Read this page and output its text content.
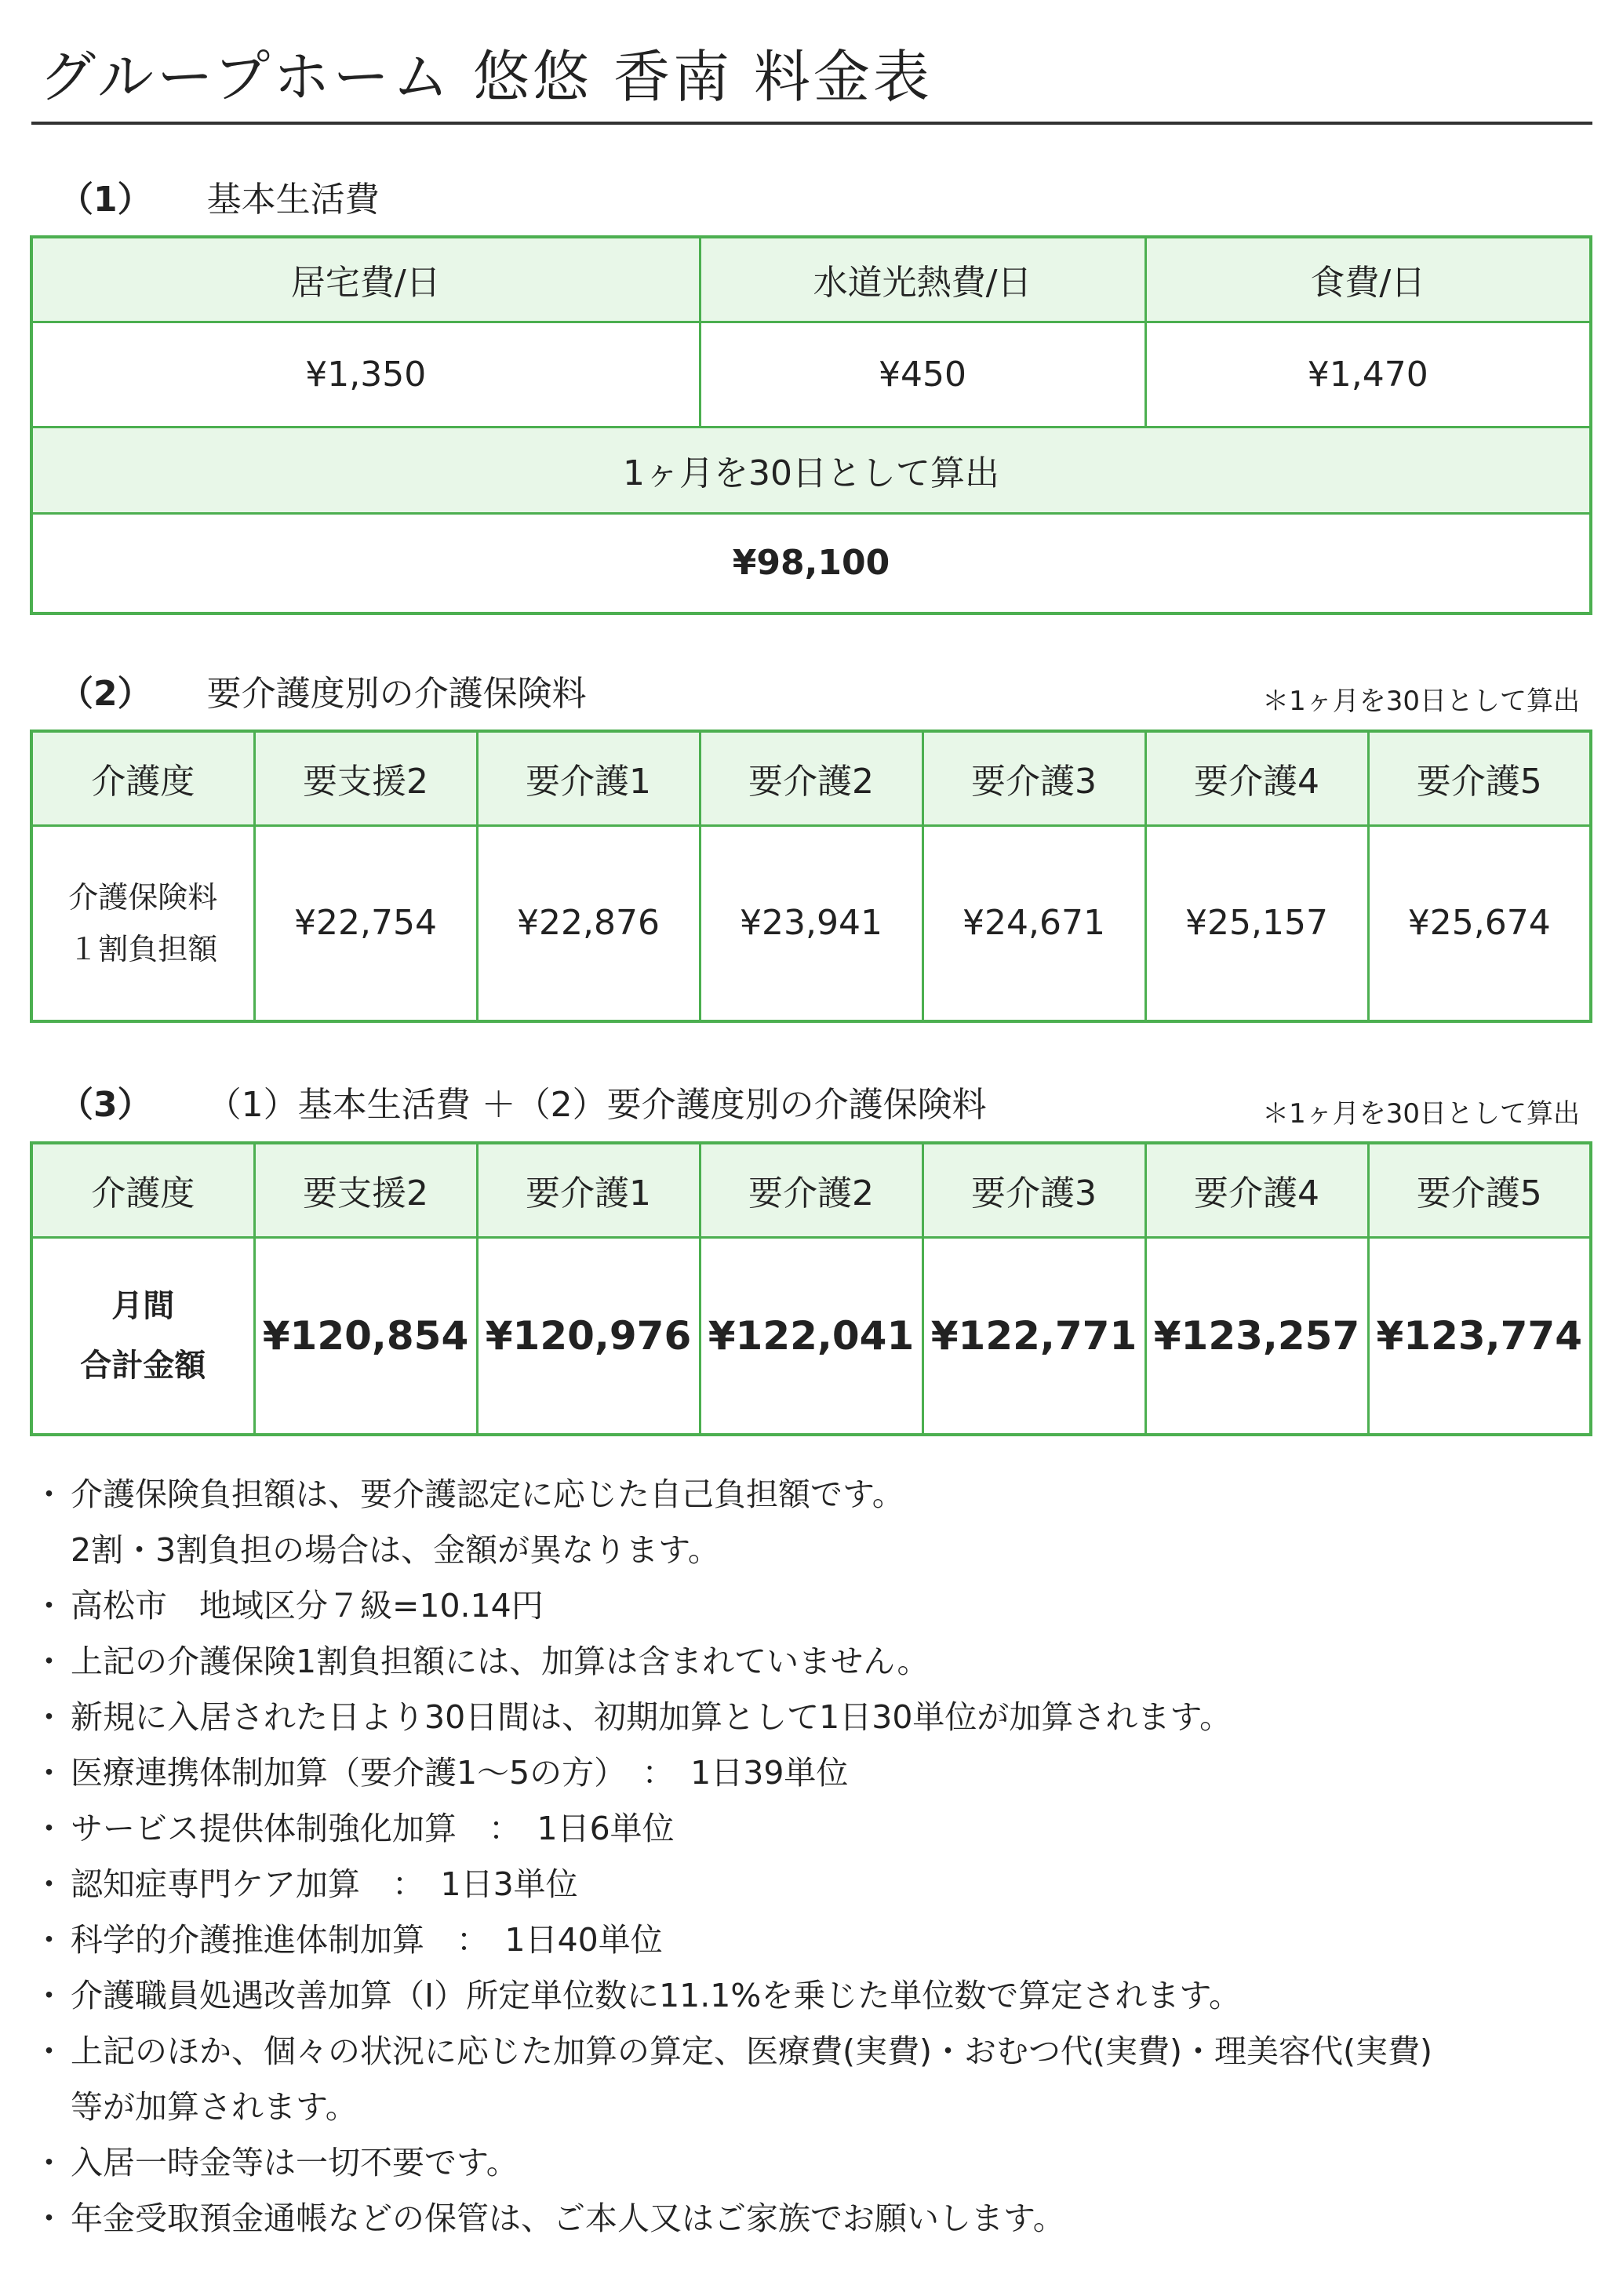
グループホーム 悠悠 香南 料金表
（1） 基本生活費
居宅費/日	水道光熱費/日	食費/日
¥1,350	¥450	¥1,470
1ヶ月を30日として算出		
¥98,100		
（2） 要介護度別の介護保険料	＊1ヶ月を30日として算出
介護度	要支援2	要介護1	要介護2	要介護3	要介護4	要介護5

介護保険料
１割負担額	¥22,754	¥22,876	¥23,941	¥24,671	¥25,157	¥25,674
（3） （1）基本生活費 ＋（2）要介護度別の介護保険料	＊1ヶ月を30日として算出
介護度	要支援2	要介護1	要介護2	要介護3	要介護4	要介護5

月間
合計金額	¥120,854	¥120,976	¥122,041	¥122,771	¥123,257	¥123,774
・ 介護保険負担額は、要介護認定に応じた自己負担額です。
2割・3割負担の場合は、金額が異なります。
・ 高松市　地域区分７級=10.14円
・ 上記の介護保険1割負担額には、加算は含まれていません。
・ 新規に入居された日より30日間は、初期加算として1日30単位が加算されます。
・ 医療連携体制加算（要介護1～5の方）　：　1日39単位
・ サービス提供体制強化加算　：　1日6単位
・ 認知症専門ケア加算　：　1日3単位
・ 科学的介護推進体制加算　：　1日40単位
・ 介護職員処遇改善加算（Ⅰ）所定単位数に11.1%を乗じた単位数で算定されます。
・ 上記のほか、個々の状況に応じた加算の算定、医療費(実費)・おむつ代(実費)・理美容代(実費)
等が加算されます。
・ 入居一時金等は一切不要です。
・ 年金受取預金通帳などの保管は、ご本人又はご家族でお願いします。
